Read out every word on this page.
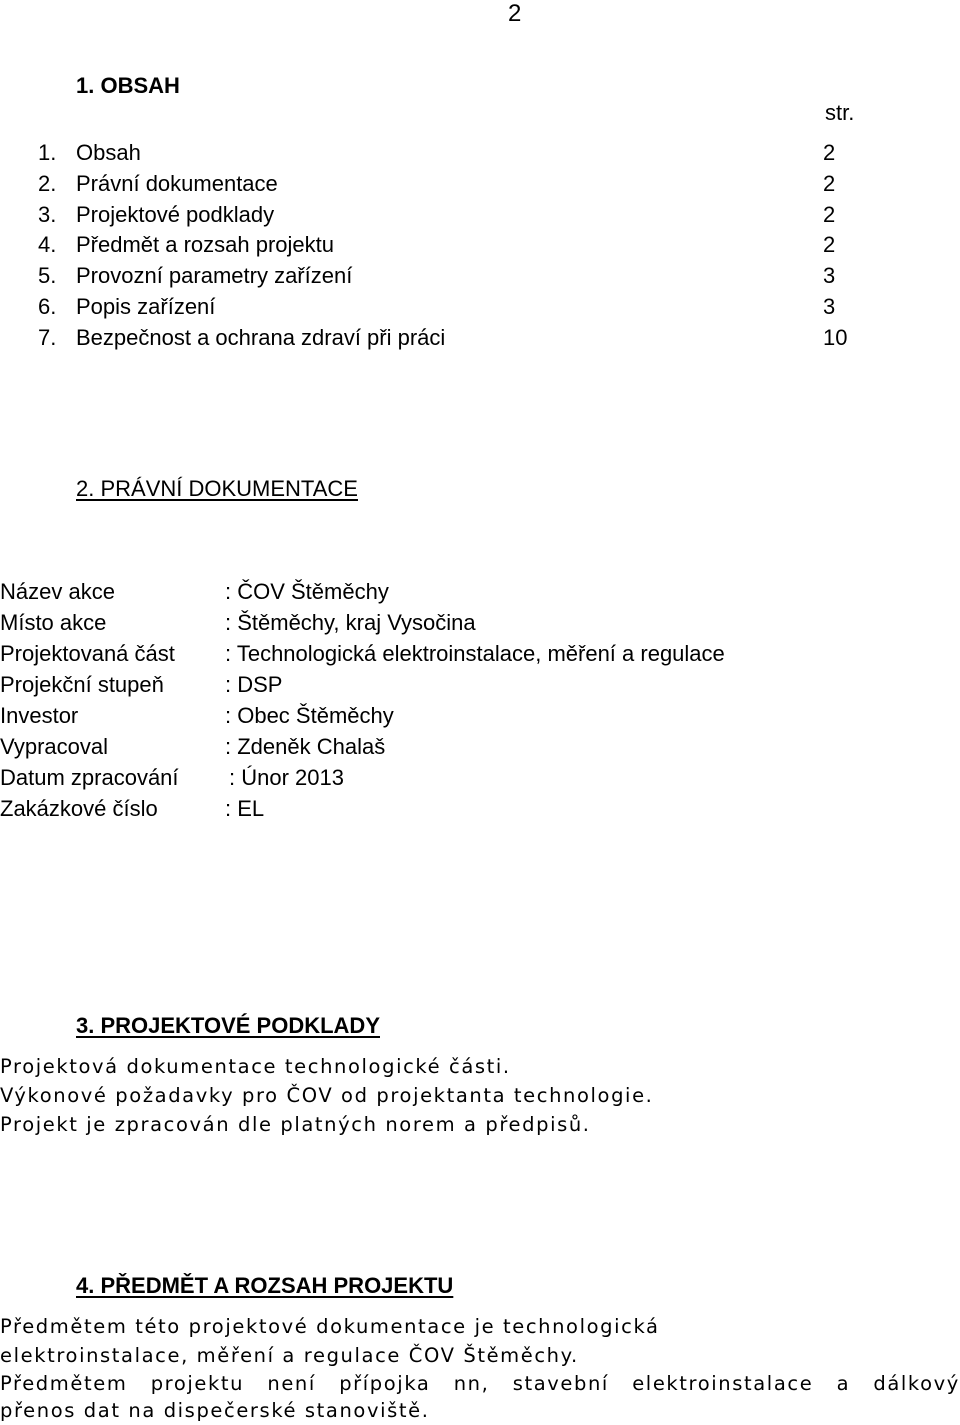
2
1. OBSAH
str.
1. Obsah	2
2. Právní dokumentace	2
3. Projektové podklady	2
4. Předmět a rozsah projektu	2
5. Provozní parametry zařízení	3
6. Popis zařízení	3
7. Bezpečnost a ochrana zdraví při práci	10
2. PRÁVNÍ DOKUMENTACE
Název akce	: ČOV Štěměchy
Místo akce	: Štěměchy, kraj Vysočina
Projektovaná část : Technologická elektroinstalace, měření a regulace
Projekční stupeň	: DSP
Investor	: Obec Štěměchy
Vypracoval	: Zdeněk Chalaš
Datum zpracování : Únor 2013
Zakázkové číslo	: EL
3. PROJEKTOVÉ PODKLADY
Projektová dokumentace technologické části.
Výkonové požadavky pro ČOV od projektanta technologie.
Projekt je zpracován dle platných norem a předpisů.
4. PŘEDMĚT A ROZSAH PROJEKTU
Předmětem této projektové dokumentace je technologická
elektroinstalace, měření a regulace ČOV Štěměchy.
Předmětem projektu není přípojka nn, stavební elektroinstalace a dálkový
přenos dat na dispečerské stanoviště.
